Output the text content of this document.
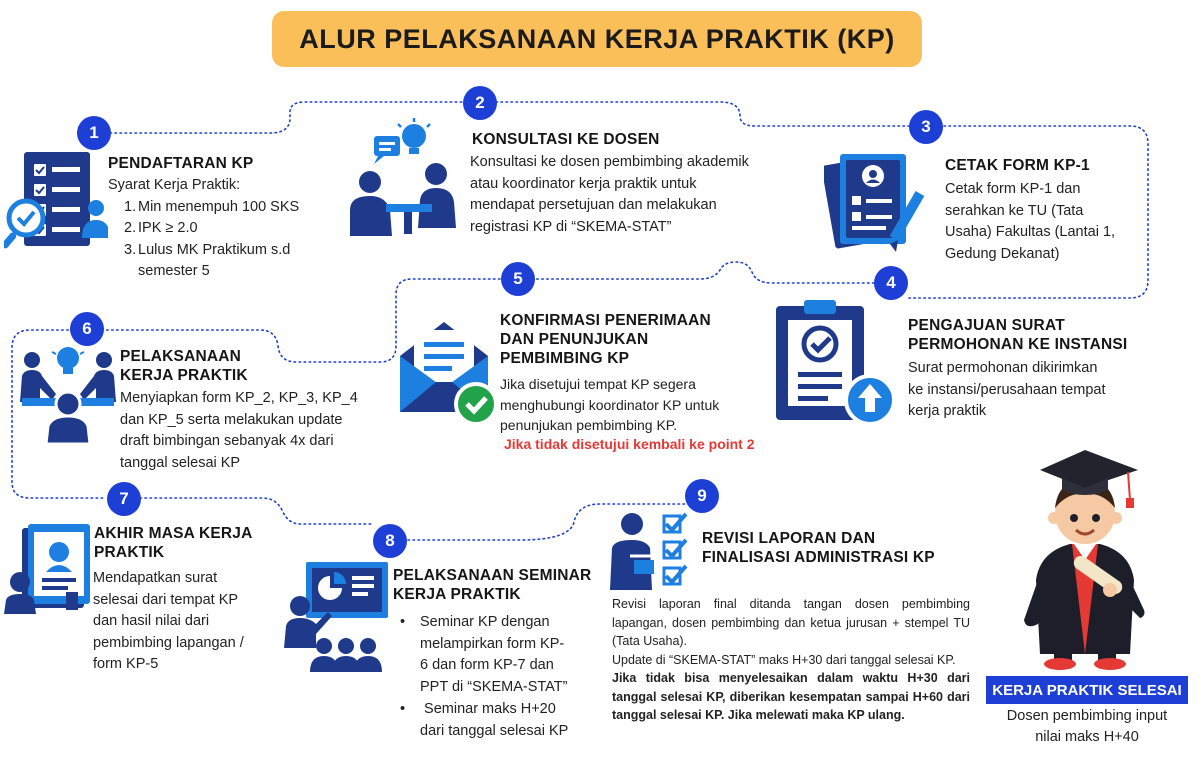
ALUR PELAKSANAAN KERJA PRAKTIK (KP)
1
2
3
4
5
6
7
8
9
PENDAFTARAN KP
Syarat Kerja Praktik:
1. Min menempuh 100 SKS
2. IPK ≥ 2.0
3. Lulus MK Praktikum s.d
semester 5
KONSULTASI KE DOSEN
Konsultasi ke dosen pembimbing akademik
atau koordinator kerja praktik untuk
mendapat persetujuan dan melakukan
registrasi KP di “SKEMA-STAT”
CETAK FORM KP-1
Cetak form KP-1 dan
serahkan ke TU (Tata
Usaha) Fakultas (Lantai 1,
Gedung Dekanat)
PENGAJUAN SURAT
PERMOHONAN KE INSTANSI
Surat permohonan dikirimkan
ke instansi/perusahaan tempat
kerja praktik
KONFIRMASI PENERIMAAN
DAN PENUNJUKAN
PEMBIMBING KP
Jika disetujui tempat KP segera
menghubungi koordinator KP untuk
penunjukan pembimbing KP.
Jika tidak disetujui kembali ke point 2
PELAKSANAAN
KERJA PRAKTIK
Menyiapkan form KP_2, KP_3, KP_4
dan KP_5 serta melakukan update
draft bimbingan sebanyak 4x dari
tanggal selesai KP
AKHIR MASA KERJA
PRAKTIK
Mendapatkan surat
selesai dari tempat KP
dan hasil nilai dari
pembimbing lapangan /
form KP-5
PELAKSANAAN SEMINAR
KERJA PRAKTIK
•	Seminar KP dengan
melampirkan form KP-
6 dan form KP-7 dan
PPT di “SKEMA-STAT”
•	Seminar maks H+20
dari tanggal selesai KP
REVISI LAPORAN DAN
FINALISASI ADMINISTRASI KP
Revisi laporan final ditanda tangan dosen pembimbing lapangan, dosen pembimbing dan ketua jurusan + stempel TU (Tata Usaha).
Update di “SKEMA-STAT” maks H+30 dari tanggal selesai KP.
Jika tidak bisa menyelesaikan dalam waktu H+30 dari tanggal selesai KP, diberikan kesempatan sampai H+60 dari tanggal selesai KP. Jika melewati maka KP ulang.
KERJA PRAKTIK SELESAI
Dosen pembimbing input
nilai maks H+40
